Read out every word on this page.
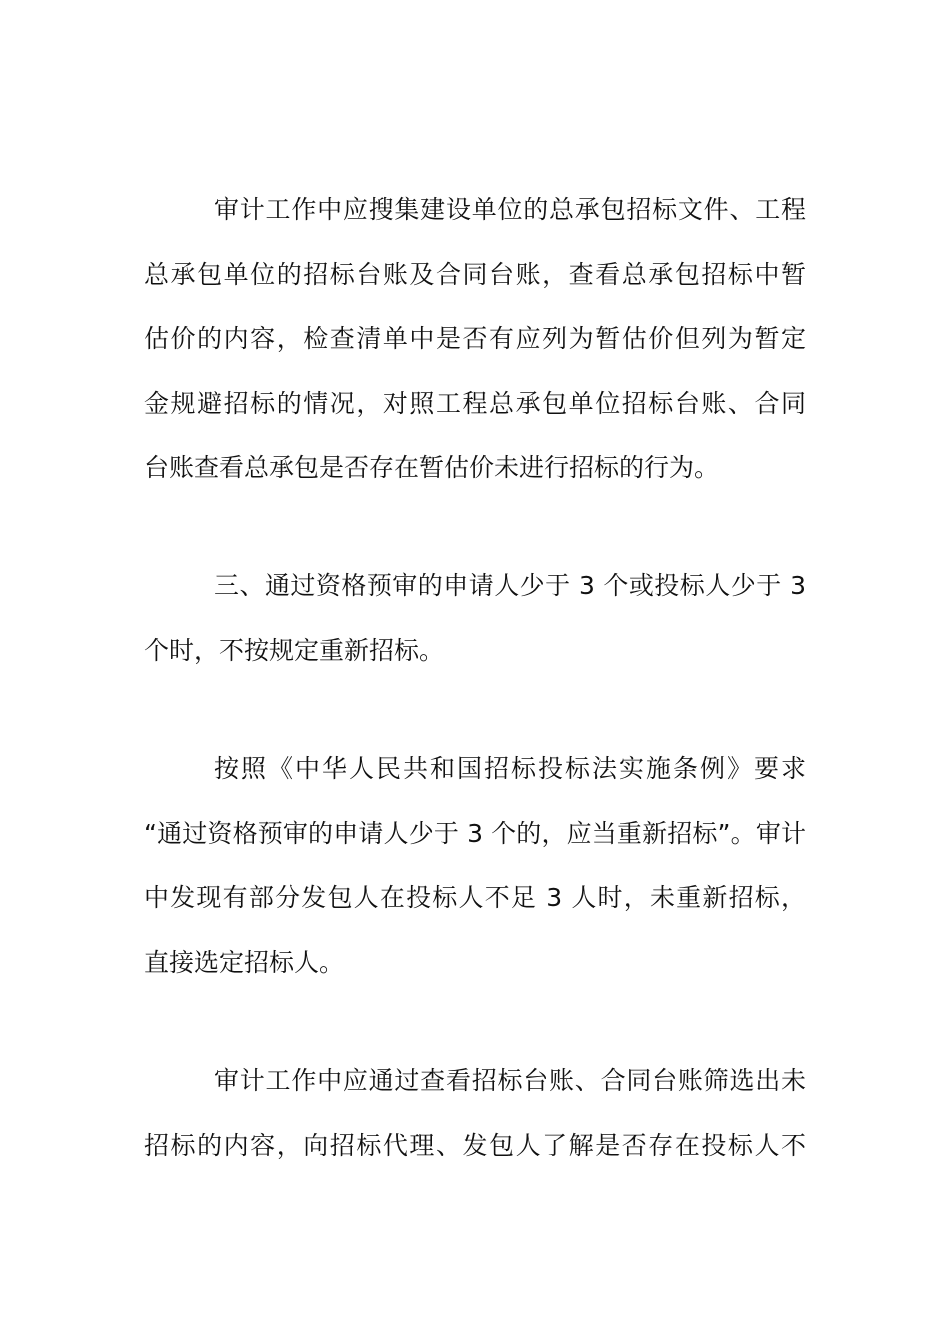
审计工作中应搜集建设单位的总承包招标文件、工程
总承包单位的招标台账及合同台账，查看总承包招标中暂
估价的内容，检查清单中是否有应列为暂估价但列为暂定
金规避招标的情况，对照工程总承包单位招标台账、合同
台账查看总承包是否存在暂估价未进行招标的行为。
三、通过资格预审的申请人少于 3 个或投标人少于 3
个时，不按规定重新招标。
按照《中华人民共和国招标投标法实施条例》要求
“通过资格预审的申请人少于 3 个的，应当重新招标”。审计
中发现有部分发包人在投标人不足 3 人时，未重新招标，
直接选定招标人。
审计工作中应通过查看招标台账、合同台账筛选出未
招标的内容，向招标代理、发包人了解是否存在投标人不
